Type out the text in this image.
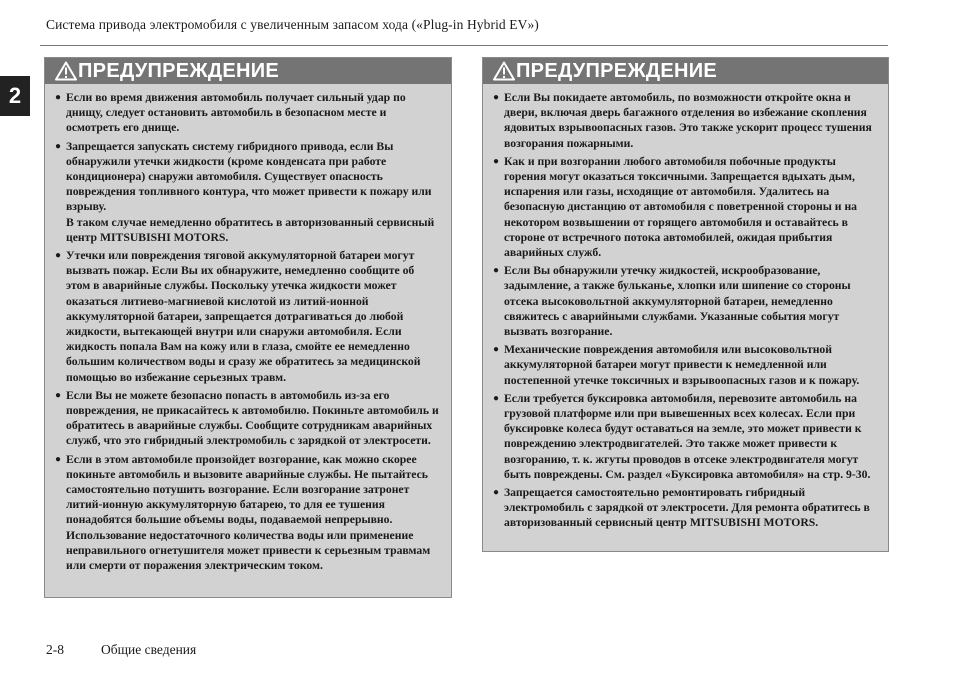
Система привода электромобиля с увеличенным запасом хода («Plug-in Hybrid EV»)
2
ПРЕДУПРЕЖДЕНИЕ
● Если во время движения автомобиль получает сильный удар по днищу, следует остановить автомобиль в безопасном месте и осмотреть его днище.
● Запрещается запускать систему гибридного привода, если Вы обнаружили утечки жидкости (кроме конденсата при работе кондиционера) снаружи автомобиля. Существует опасность повреждения топливного контура, что может привести к пожару или взрыву.
В таком случае немедленно обратитесь в авторизованный сервисный центр MITSUBISHI MOTORS.
● Утечки или повреждения тяговой аккумуляторной батареи могут вызвать пожар. Если Вы их обнаружите, немедленно сообщите об этом в аварийные службы. Поскольку утечка жидкости может оказаться литиево-магниевой кислотой из литий-ионной аккумуляторной батареи, запрещается дотрагиваться до любой жидкости, вытекающей внутри или снаружи автомобиля. Если жидкость попала Вам на кожу или в глаза, смойте ее немедленно большим количеством воды и сразу же обратитесь за медицинской помощью во избежание серьезных травм.
● Если Вы не можете безопасно попасть в автомобиль из-за его повреждения, не прикасайтесь к автомобилю. Покиньте автомобиль и обратитесь в аварийные службы. Сообщите сотрудникам аварийных служб, что это гибридный электромобиль с зарядкой от электросети.
● Если в этом автомобиле произойдет возгорание, как можно скорее покиньте автомобиль и вызовите аварийные службы. Не пытайтесь самостоятельно потушить возгорание. Если возгорание затронет литий-ионную аккумуляторную батарею, то для ее тушения понадобятся большие объемы воды, подаваемой непрерывно. Использование недостаточного количества воды или применение неправильного огнетушителя может привести к серьезным травмам или смерти от поражения электрическим током.
ПРЕДУПРЕЖДЕНИЕ
● Если Вы покидаете автомобиль, по возможности откройте окна и двери, включая дверь багажного отделения во избежание скопления ядовитых взрывоопасных газов. Это также ускорит процесс тушения возгорания пожарными.
● Как и при возгорании любого автомобиля побочные продукты горения могут оказаться токсичными. Запрещается вдыхать дым, испарения или газы, исходящие от автомобиля. Удалитесь на безопасную дистанцию от автомобиля с поветренной стороны и на некотором возвышении от горящего автомобиля и оставайтесь в стороне от встречного потока автомобилей, ожидая прибытия аварийных служб.
● Если Вы обнаружили утечку жидкостей, искрообразование, задымление, а также бульканье, хлопки или шипение со стороны отсека высоковольтной аккумуляторной батареи, немедленно свяжитесь с аварийными службами. Указанные события могут вызвать возгорание.
● Механические повреждения автомобиля или высоковольтной аккумуляторной батареи могут привести к немедленной или постепенной утечке токсичных и взрывоопасных газов и к пожару.
● Если требуется буксировка автомобиля, перевозите автомобиль на грузовой платформе или при вывешенных всех колесах. Если при буксировке колеса будут оставаться на земле, это может привести к повреждению электродвигателей. Это также может привести к возгоранию, т. к. жгуты проводов в отсеке электродвигателя могут быть повреждены. См. раздел «Буксировка автомобиля» на стр. 9-30.
● Запрещается самостоятельно ремонтировать гибридный электромобиль с зарядкой от электросети. Для ремонта обратитесь в авторизованный сервисный центр MITSUBISHI MOTORS.
2-8	Общие сведения
